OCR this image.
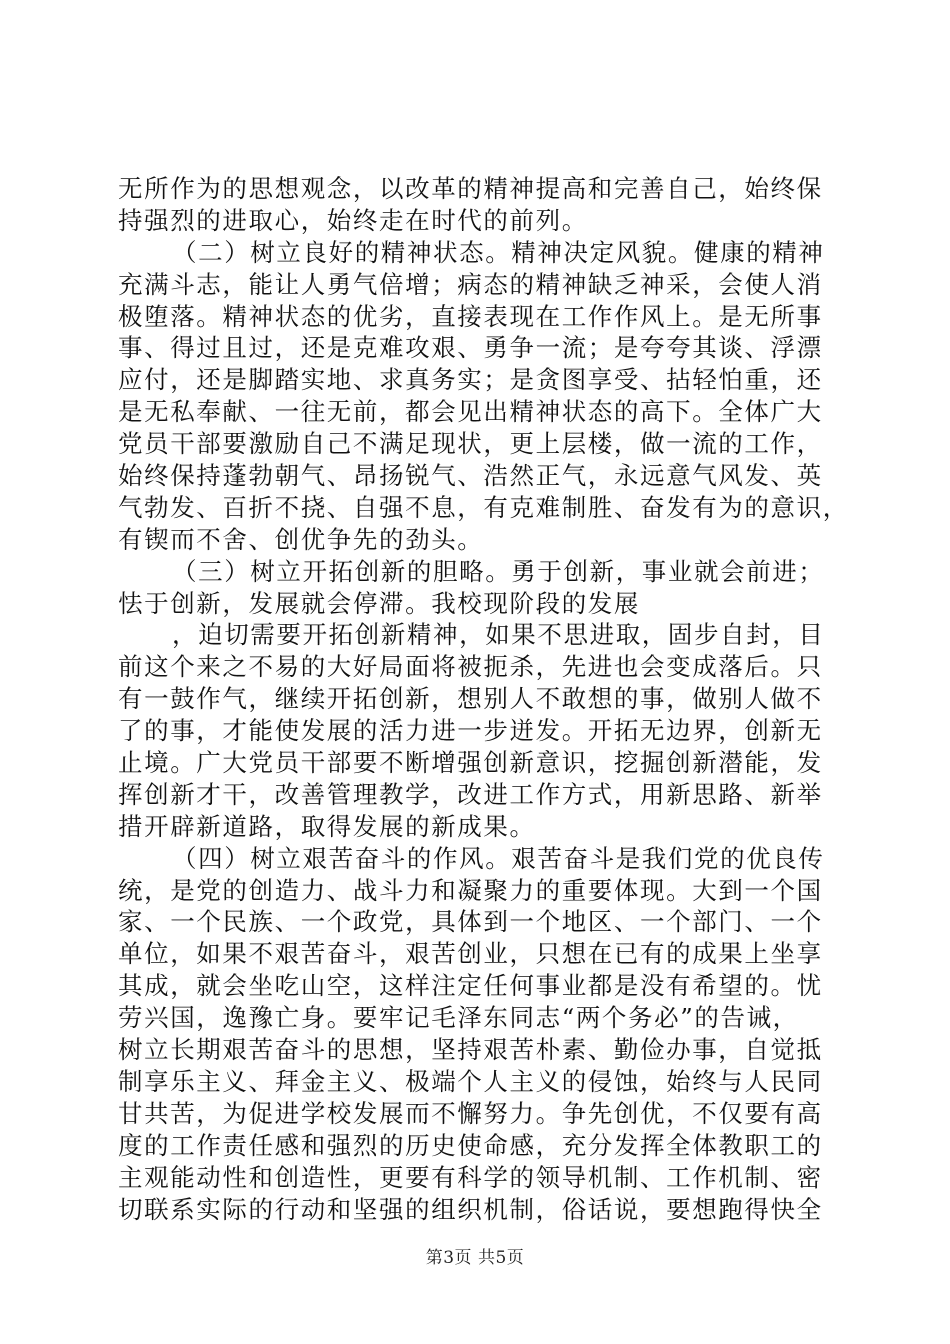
无所作为的思想观念，以改革的精神提高和完善自己，始终保
持强烈的进取心，始终走在时代的前列。
（二）树立良好的精神状态。精神决定风貌。健康的精神
充满斗志，能让人勇气倍增；病态的精神缺乏神采，会使人消
极堕落。精神状态的优劣，直接表现在工作作风上。是无所事
事、得过且过，还是克难攻艰、勇争一流；是夸夸其谈、浮漂
应付，还是脚踏实地、求真务实；是贪图享受、拈轻怕重，还
是无私奉献、一往无前，都会见出精神状态的高下。全体广大
党员干部要激励自己不满足现状，更上层楼，做一流的工作，
始终保持蓬勃朝气、昂扬锐气、浩然正气，永远意气风发、英
气勃发、百折不挠、自强不息，有克难制胜、奋发有为的意识，
有锲而不舍、创优争先的劲头。
（三）树立开拓创新的胆略。勇于创新，事业就会前进；
怯于创新，发展就会停滞。我校现阶段的发展
，迫切需要开拓创新精神，如果不思进取，固步自封，目
前这个来之不易的大好局面将被扼杀，先进也会变成落后。只
有一鼓作气，继续开拓创新，想别人不敢想的事，做别人做不
了的事，才能使发展的活力进一步迸发。开拓无边界，创新无
止境。广大党员干部要不断增强创新意识，挖掘创新潜能，发
挥创新才干，改善管理教学，改进工作方式，用新思路、新举
措开辟新道路，取得发展的新成果。
（四）树立艰苦奋斗的作风。艰苦奋斗是我们党的优良传
统，是党的创造力、战斗力和凝聚力的重要体现。大到一个国
家、一个民族、一个政党，具体到一个地区、一个部门、一个
单位，如果不艰苦奋斗，艰苦创业，只想在已有的成果上坐享
其成，就会坐吃山空，这样注定任何事业都是没有希望的。忧
劳兴国，逸豫亡身。要牢记毛泽东同志“两个务必”的告诫，
树立长期艰苦奋斗的思想，坚持艰苦朴素、勤俭办事，自觉抵
制享乐主义、拜金主义、极端个人主义的侵蚀，始终与人民同
甘共苦，为促进学校发展而不懈努力。争先创优，不仅要有高
度的工作责任感和强烈的历史使命感，充分发挥全体教职工的
主观能动性和创造性，更要有科学的领导机制、工作机制、密
切联系实际的行动和坚强的组织机制，俗话说，要想跑得快全
第3页 共5页
